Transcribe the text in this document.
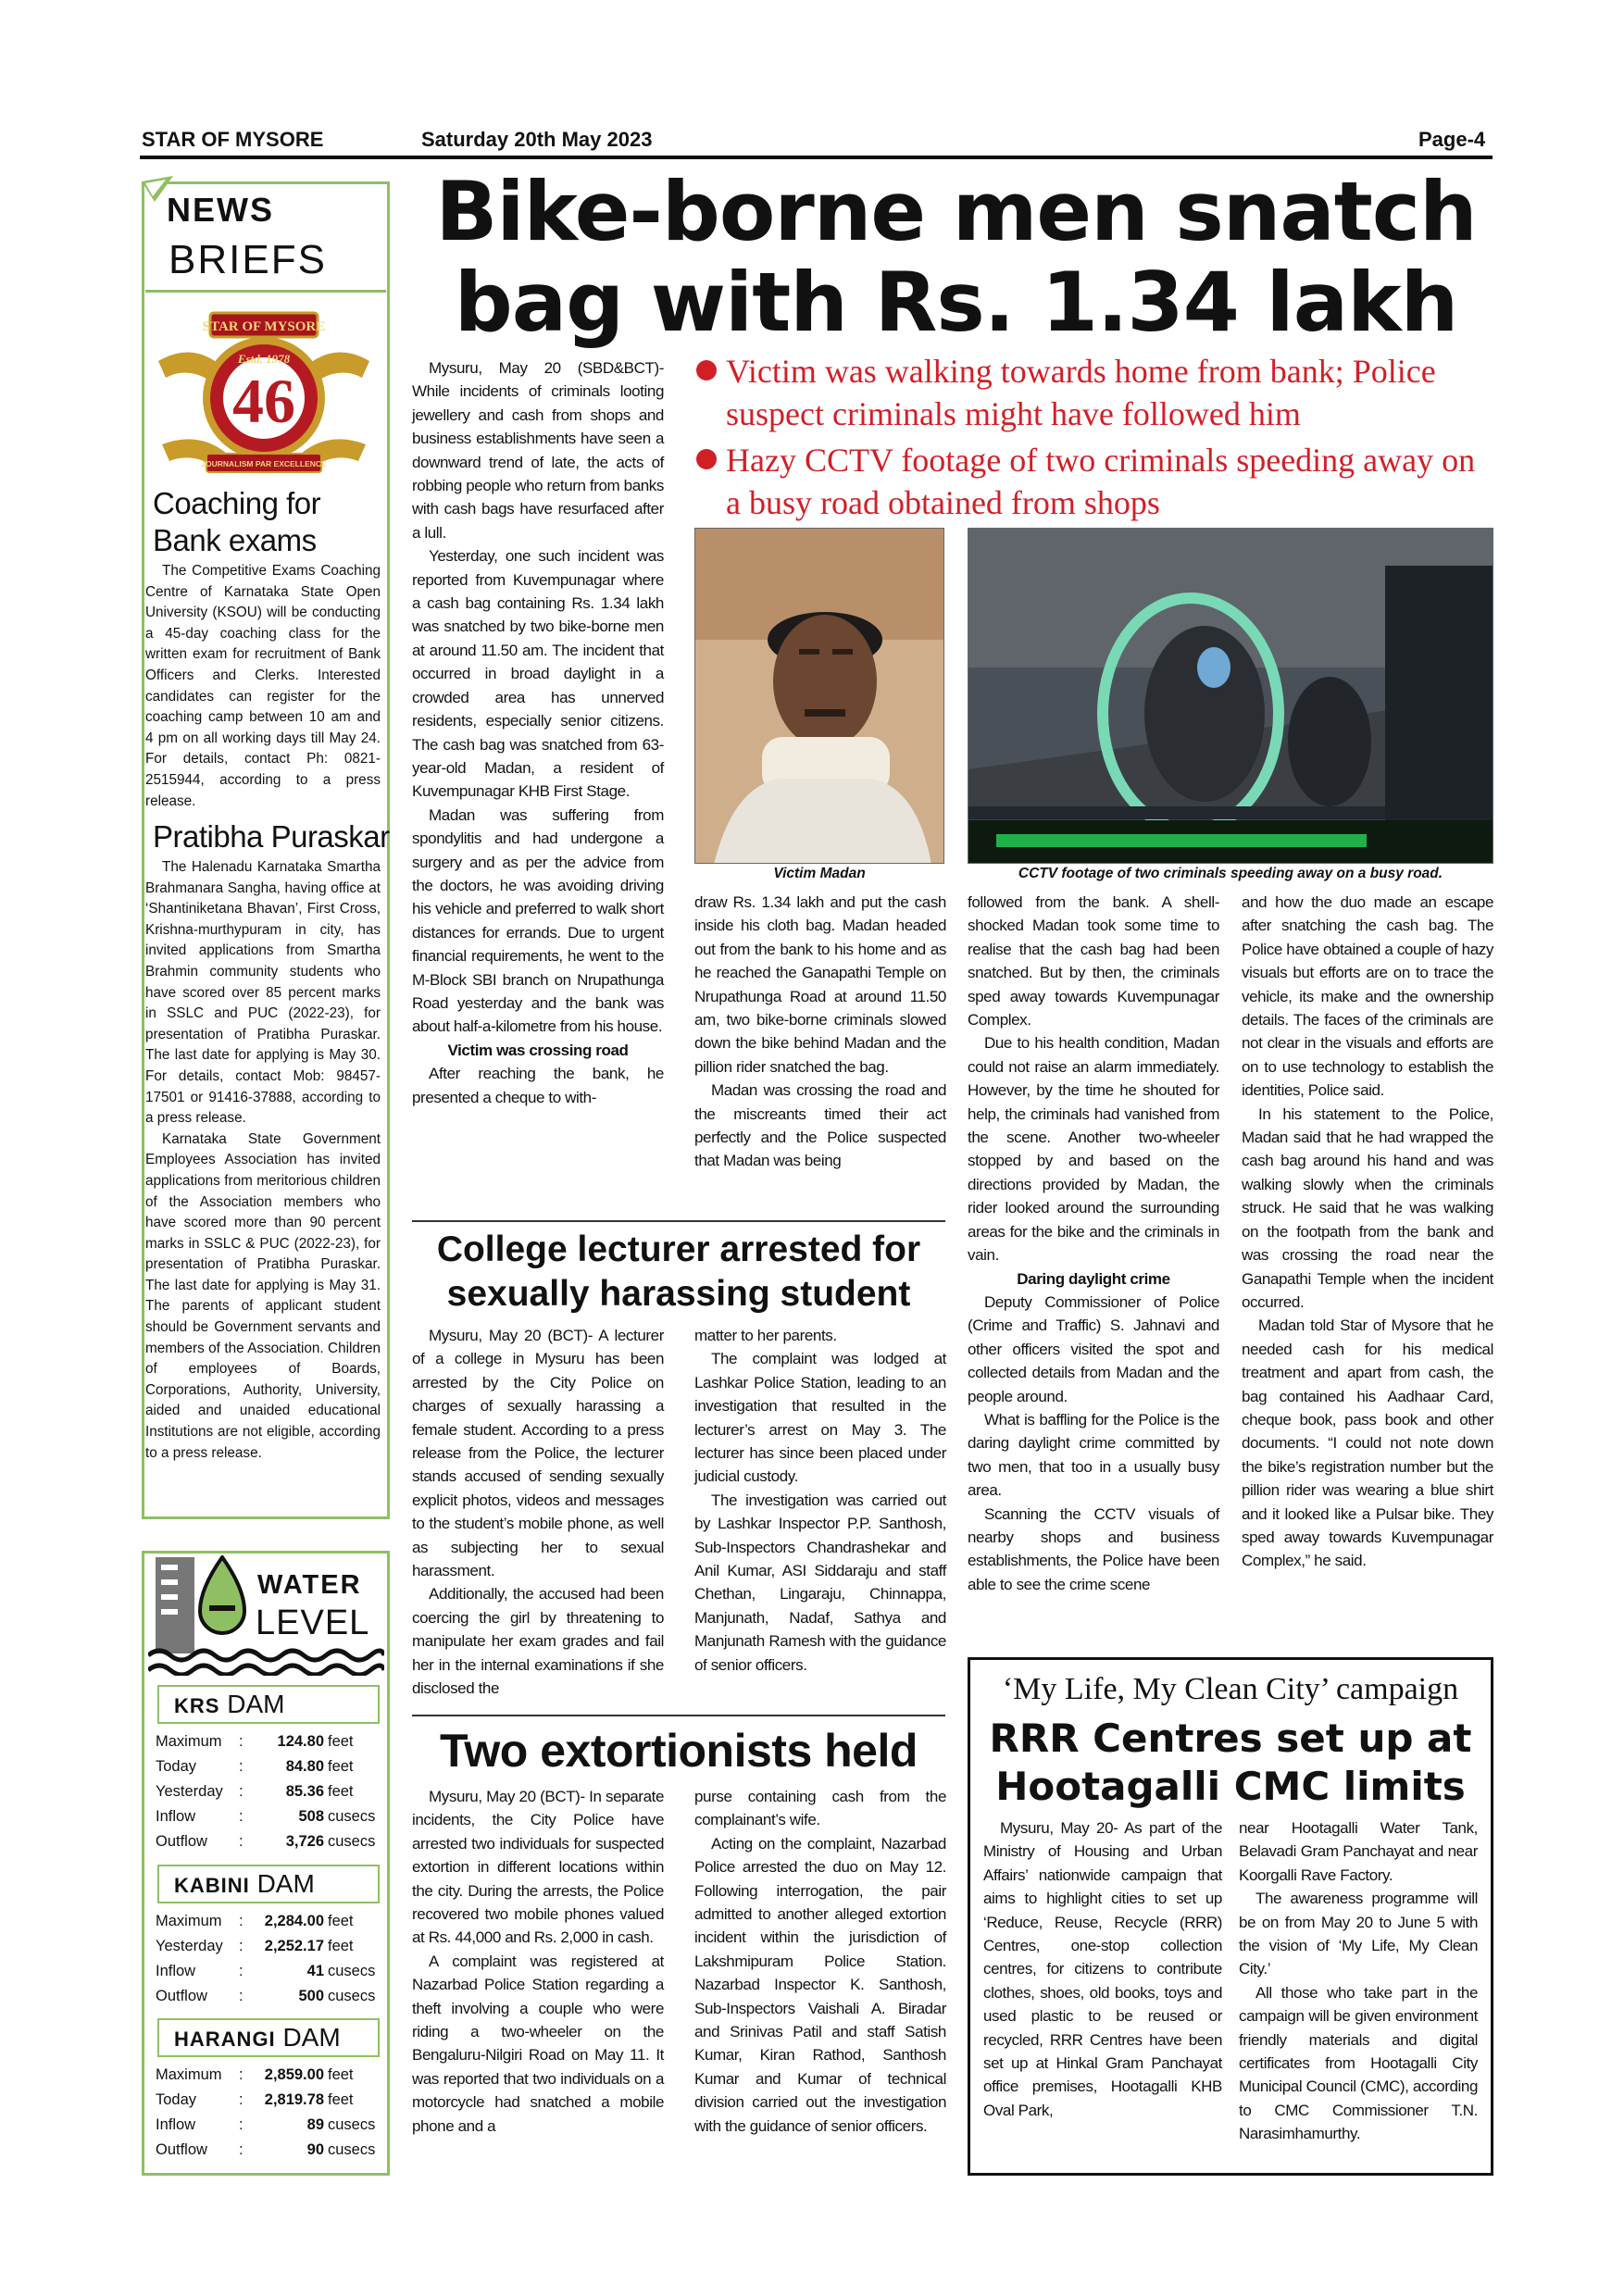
STAR OF MYSORE	Saturday 20th May 2023	Page-4
NEWS
BRIEFS
STAR OF MYSORE
Estd. 1978
46
JOURNALISM PAR EXCELLENCE
Coaching for
Bank exams

The Competitive Exams Coaching Centre of Karnataka State Open University (KSOU) will be conducting a 45-day coaching class for the written exam for recruitment of Bank Officers and Clerks. Interested candidates can register for the coaching camp between 10 am and 4 pm on all working days till May 24. For details, contact Ph: 0821-2515944, according to a press release.

Pratibha Puraskar

The Halenadu Karnataka Smartha Brahmanara Sangha, having office at ‘Shantiniketana Bhavan’, First Cross, Krishna-murthypuram in city, has invited applications from Smartha Brahmin community students who have scored over 85 percent marks in SSLC and PUC (2022-23), for presentation of Pratibha Puraskar. The last date for applying is May 30. For details, contact Mob: 98457-17501 or 91416-37888, according to a press release.

Karnataka State Government Employees Association has invited applications from meritorious children of the Association members who have scored more than 90 percent marks in SSLC & PUC (2022-23), for presentation of Pratibha Puraskar. The last date for applying is May 31. The parents of applicant student should be Government servants and members of the Association. Children of employees of Boards, Corporations, Authority, University, aided and unaided educational Institutions are not eligible, according to a press release.

WATER
LEVEL
KRS DAM
KABINI DAM
HARANGI DAM
Maximum	124.80 feet
:
Today	84.80 feet
:
Yesterday	85.36 feet
:
Inflow	508 cusecs
:
Outflow	3,726 cusecs
:
Maximum	2,284.00 feet
:
Yesterday	2,252.17 feet
:
Inflow	41 cusecs
:
Outflow	500 cusecs
:
Maximum	2,859.00 feet
:
Today	2,819.78 feet
:
Inflow	89 cusecs
:
Outflow	90 cusecs
:
Bike-borne men snatch
bag with Rs. 1.34 lakh
Victim was walking towards home from bank; Police
suspect criminals might have followed him
Hazy CCTV footage of two criminals speeding away on
a busy road obtained from shops

Mysuru, May 20 (SBD&BCT)- While incidents of criminals looting jewellery and cash from shops and business establishments have seen a downward trend of late, the acts of robbing people who return from banks with cash bags have resurfaced after a lull.

Yesterday, one such incident was reported from Kuvempunagar where a cash bag containing Rs. 1.34 lakh was snatched by two bike-borne men at around 11.50 am. The incident that occurred in broad daylight in a crowded area has unnerved residents, especially senior citizens. The cash bag was snatched from 63-year-old Madan, a resident of Kuvempunagar KHB First Stage.

Madan was suffering from spondylitis and had undergone a surgery and as per the advice from the doctors, he was avoiding driving his vehicle and preferred to walk short distances for errands. Due to urgent financial requirements, he went to the M-Block SBI branch on Nrupathunga Road yesterday and the bank was about half-a-kilometre from his house.

Victim was crossing road

After reaching the bank, he presented a cheque to with-

Victim Madan	CCTV footage of two criminals speeding away on a busy road.

draw Rs. 1.34 lakh and put the cash inside his cloth bag. Madan headed out from the bank to his home and as he reached the Ganapathi Temple on Nrupathunga Road at around 11.50 am, two bike-borne criminals slowed down the bike behind Madan and the pillion rider snatched the bag.

Madan was crossing the road and the miscreants timed their act perfectly and the Police suspected that Madan was being

followed from the bank. A shell-shocked Madan took some time to realise that the cash bag had been snatched. But by then, the criminals sped away towards Kuvempunagar Complex.

Due to his health condition, Madan could not raise an alarm immediately. However, by the time he shouted for help, the criminals had vanished from the scene. Another two-wheeler stopped by and based on the directions provided by Madan, the rider looked around the surrounding areas for the bike and the criminals in vain.

Daring daylight crime

Deputy Commissioner of Police (Crime and Traffic) S. Jahnavi and other officers visited the spot and collected details from Madan and the people around.

What is baffling for the Police is the daring daylight crime committed by two men, that too in a usually busy area.

Scanning the CCTV visuals of nearby shops and business establishments, the Police have been able to see the crime scene

and how the duo made an escape after snatching the cash bag. The Police have obtained a couple of hazy visuals but efforts are on to trace the vehicle, its make and the ownership details. The faces of the criminals are not clear in the visuals and efforts are on to use technology to establish the identities, Police said.

In his statement to the Police, Madan said that he had wrapped the cash bag around his hand and was walking slowly when the criminals struck. He said that he was walking on the footpath from the bank and was crossing the road near the Ganapathi Temple when the incident occurred.

Madan told Star of Mysore that he needed cash for his medical treatment and apart from cash, the bag contained his Aadhaar Card, cheque book, pass book and other documents. “I could not note down the bike’s registration number but the pillion rider was wearing a blue shirt and it looked like a Pulsar bike. They sped away towards Kuvempunagar Complex,” he said.

College lecturer arrested for
sexually harassing student

Mysuru, May 20 (BCT)- A lecturer of a college in Mysuru has been arrested by the City Police on charges of sexually harassing a female student. According to a press release from the Police, the lecturer stands accused of sending sexually explicit photos, videos and messages to the student’s mobile phone, as well as subjecting her to sexual harassment.

Additionally, the accused had been coercing the girl by threatening to manipulate her exam grades and fail her in the internal examinations if she disclosed the

matter to her parents.

The complaint was lodged at Lashkar Police Station, leading to an investigation that resulted in the lecturer’s arrest on May 3. The lecturer has since been placed under judicial custody.

The investigation was carried out by Lashkar Inspector P.P. Santhosh, Sub-Inspectors Chandrashekar and Anil Kumar, ASI Siddaraju and staff Chethan, Lingaraju, Chinnappa, Manjunath, Nadaf, Sathya and Manjunath Ramesh with the guidance of senior officers.

Two extortionists held

Mysuru, May 20 (BCT)- In separate incidents, the City Police have arrested two individuals for suspected extortion in different locations within the city. During the arrests, the Police recovered two mobile phones valued at Rs. 44,000 and Rs. 2,000 in cash.

A complaint was registered at Nazarbad Police Station regarding a theft involving a couple who were riding a two-wheeler on the Bengaluru-Nilgiri Road on May 11. It was reported that two individuals on a motorcycle had snatched a mobile phone and a

purse containing cash from the complainant’s wife.

Acting on the complaint, Nazarbad Police arrested the duo on May 12. Following interrogation, the pair admitted to another alleged extortion incident within the jurisdiction of Lakshmipuram Police Station. Nazarbad Inspector K. Santhosh, Sub-Inspectors Vaishali A. Biradar and Srinivas Patil and staff Satish Kumar, Kiran Rathod, Santhosh Kumar and Kumar of technical division carried out the investigation with the guidance of senior officers.

‘My Life, My Clean City’ campaign
RRR Centres set up at
Hootagalli CMC limits

Mysuru, May 20- As part of the Ministry of Housing and Urban Affairs’ nationwide campaign that aims to highlight cities to set up ‘Reduce, Reuse, Recycle (RRR) Centres, one-stop collection centres, for citizens to contribute clothes, shoes, old books, toys and used plastic to be reused or recycled, RRR Centres have been set up at Hinkal Gram Panchayat office premises, Hootagalli KHB Oval Park,

near Hootagalli Water Tank, Belavadi Gram Panchayat and near Koorgalli Rave Factory.

The awareness programme will be on from May 20 to June 5 with the vision of ‘My Life, My Clean City.’

All those who take part in the campaign will be given environment friendly materials and digital certificates from Hootagalli City Municipal Council (CMC), according to CMC Commissioner T.N. Narasimhamurthy.
